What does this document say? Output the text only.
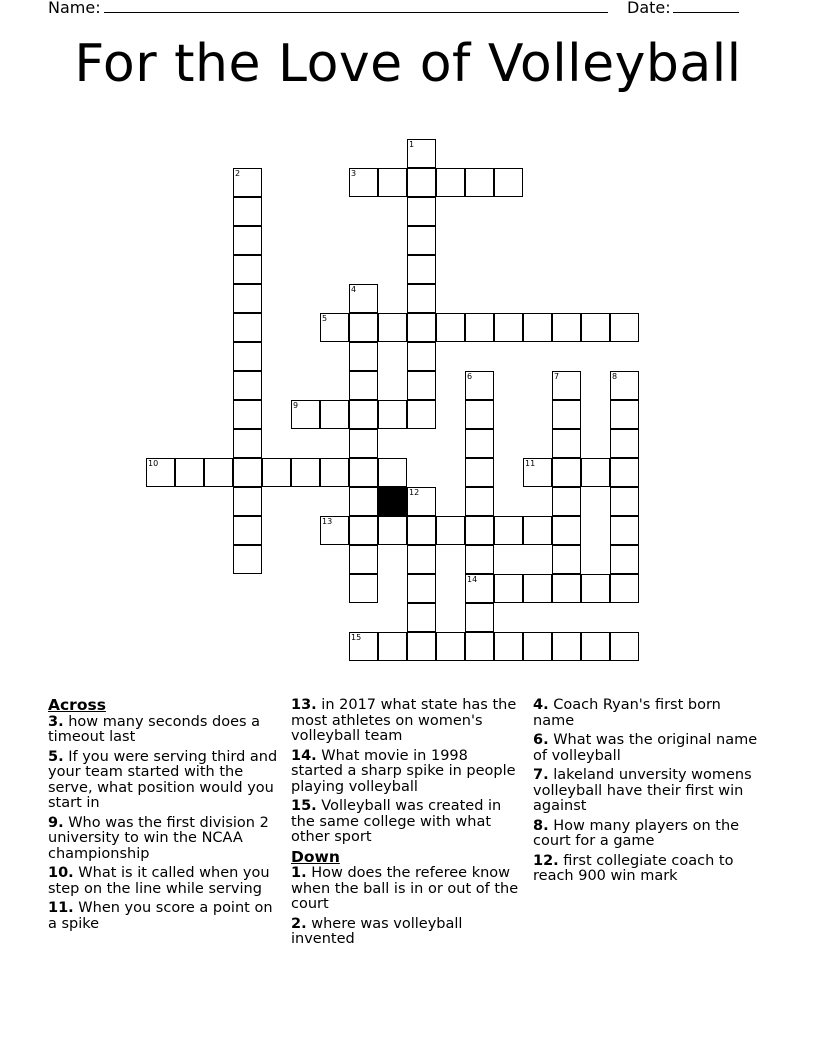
Name:	Date:
For the Love of Volleyball
1
2	3
4
5
6
14
7	8
9
10	11
12
13
15
Across
3. how many seconds does a timeout last
5. If you were serving third and your team started with the serve, what position would you start in
9. Who was the first division 2 university to win the NCAA championship
10. What is it called when you step on the line while serving
11. When you score a point on a spike
13. in 2017 what state has the most athletes on women's volleyball team
14. What movie in 1998 started a sharp spike in people playing volleyball
15. Volleyball was created in the same college with what other sport
Down
1. How does the referee know when the ball is in or out of the court
2. where was volleyball invented
4. Coach Ryan's first born name
6. What was the original name of volleyball
7. lakeland unversity womens volleyball have their first win against
8. How many players on the court for a game
12. first collegiate coach to reach 900 win mark
